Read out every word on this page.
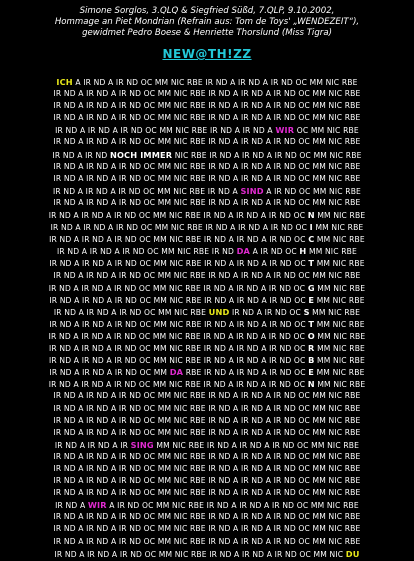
Simone Sorglos, 3.QLQ & Siegfried Süßd, 7.QLP, 9.10.2002,
Hommage an Piet Mondrian (Refrain aus: Tom de Toys' „WENDEZEIT“),
gewidmet Pedro Boese & Henriette Thorslund (Miss Tigra)
NEW@TH!ZZ
ICH A IR ND A IR ND OC MM NIC RBE IR ND A IR ND A IR ND OC MM NIC RBE
IR ND A IR ND A IR ND OC MM NIC RBE IR ND A IR ND A IR ND OC MM NIC RBE
IR ND A IR ND A IR ND OC MM NIC RBE IR ND A IR ND A IR ND OC MM NIC RBE
IR ND A IR ND A IR ND OC MM NIC RBE IR ND A IR ND A IR ND OC MM NIC RBE
IR ND A IR ND A IR ND OC MM NIC RBE IR ND A IR ND A WIR OC MM NIC RBE
IR ND A IR ND A IR ND OC MM NIC RBE IR ND A IR ND A IR ND OC MM NIC RBE
IR ND A IR ND NOCH IMMER NIC RBE IR ND A IR ND A IR ND OC MM NIC RBE
IR ND A IR ND A IR ND OC MM NIC RBE IR ND A IR ND A IR ND OC MM NIC RBE
IR ND A IR ND A IR ND OC MM NIC RBE IR ND A IR ND A IR ND OC MM NIC RBE
IR ND A IR ND A IR ND OC MM NIC RBE IR ND A SIND A IR ND OC MM NIC RBE
IR ND A IR ND A IR ND OC MM NIC RBE IR ND A IR ND A IR ND OC MM NIC RBE
IR ND A IR ND A IR ND OC MM NIC RBE IR ND A IR ND A IR ND OC N MM NIC RBE
IR ND A IR ND A IR ND OC MM NIC RBE IR ND A IR ND A IR ND OC I MM NIC RBE
IR ND A IR ND A IR ND OC MM NIC RBE IR ND A IR ND A IR ND OC C MM NIC RBE
IR ND A IR ND A IR ND OC MM NIC RBE IR ND DA A IR ND OC H MM NIC RBE
IR ND A IR ND A IR ND OC MM NIC RBE IR ND A IR ND A IR ND OC T MM NIC RBE
IR ND A IR ND A IR ND OC MM NIC RBE IR ND A IR ND A IR ND OC MM NIC RBE
IR ND A IR ND A IR ND OC MM NIC RBE IR ND A IR ND A IR ND OC G MM NIC RBE
IR ND A IR ND A IR ND OC MM NIC RBE IR ND A IR ND A IR ND OC E MM NIC RBE
IR ND A IR ND A IR ND OC MM NIC RBE UND IR ND A IR ND OC S MM NIC RBE
IR ND A IR ND A IR ND OC MM NIC RBE IR ND A IR ND A IR ND OC T MM NIC RBE
IR ND A IR ND A IR ND OC MM NIC RBE IR ND A IR ND A IR ND OC O MM NIC RBE
IR ND A IR ND A IR ND OC MM NIC RBE IR ND A IR ND A IR ND OC R MM NIC RBE
IR ND A IR ND A IR ND OC MM NIC RBE IR ND A IR ND A IR ND OC B MM NIC RBE
IR ND A IR ND A IR ND OC MM DA RBE IR ND A IR ND A IR ND OC E MM NIC RBE
IR ND A IR ND A IR ND OC MM NIC RBE IR ND A IR ND A IR ND OC N MM NIC RBE
IR ND A IR ND A IR ND OC MM NIC RBE IR ND A IR ND A IR ND OC MM NIC RBE
IR ND A IR ND A IR ND OC MM NIC RBE IR ND A IR ND A IR ND OC MM NIC RBE
IR ND A IR ND A IR ND OC MM NIC RBE IR ND A IR ND A IR ND OC MM NIC RBE
IR ND A IR ND A IR ND OC MM NIC RBE IR ND A IR ND A IR ND OC MM NIC RBE
IR ND A IR ND A IR SING MM NIC RBE IR ND A IR ND A IR ND OC MM NIC RBE
IR ND A IR ND A IR ND OC MM NIC RBE IR ND A IR ND A IR ND OC MM NIC RBE
IR ND A IR ND A IR ND OC MM NIC RBE IR ND A IR ND A IR ND OC MM NIC RBE
IR ND A IR ND A IR ND OC MM NIC RBE IR ND A IR ND A IR ND OC MM NIC RBE
IR ND A IR ND A IR ND OC MM NIC RBE IR ND A IR ND A IR ND OC MM NIC RBE
IR ND A WIR A IR ND OC MM NIC RBE IR ND A IR ND A IR ND OC MM NIC RBE
IR ND A IR ND A IR ND OC MM NIC RBE IR ND A IR ND A IR ND OC MM NIC RBE
IR ND A IR ND A IR ND OC MM NIC RBE IR ND A IR ND A IR ND OC MM NIC RBE
IR ND A IR ND A IR ND OC MM NIC RBE IR ND A IR ND A IR ND OC MM NIC RBE
IR ND A IR ND A IR ND OC MM NIC RBE IR ND A IR ND A IR ND OC MM NIC DU
